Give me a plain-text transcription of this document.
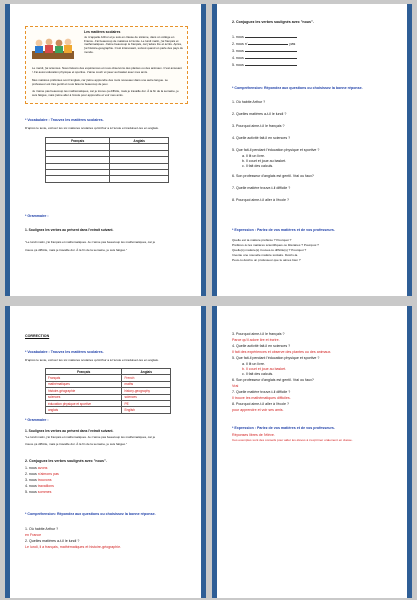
Les matières scolaires
Je m'appelle Arthur et je suis en classe de sixième, dans un collège en France. J'ai beaucoup de matières à l'école. Le lundi matin, j'ai français et mathématiques. J'aime beaucoup le français, car j'adore lire et écrire. Après, j'ai histoire-géographie. C'est intéressant, surtout quand on parle des pays du monde.
Le mardi, j'ai sciences. Nous faisons des expériences et nous observons des plantes ou des animaux. C'est amusant ! J'ai aussi éducation physique et sportive. J'aime courir et jouer au basket avec mes amis.
Mes matières préférées sont l'anglais, car j'aime apprendre des mots nouveaux dans une autre langue. Le professeur est très gentil et nous faisons beaucoup de jeux.
Je n'aime pas beaucoup les mathématiques, car je trouve ça difficile, mais je travaille dur. À la fin de la semaine, je suis fatigué, mais j'aime aller à l'école pour apprendre et voir mes amis.
* Vocabulaire : Trouvez les matières scolaires.
D'après le texte, écrivez les six matières scolaires qu'Arthur a à l'école et traduisez-les en anglais.
Français	Anglais

* Grammaire :
1. Soulignez les verbes au présent dans l'extrait suivant.
"Le lundi matin, j'ai français et mathématiques. Je n'aime pas beaucoup les mathématiques, car je
trouve ça difficile, mais je travaille dur. À la fin de la semaine, je suis fatigué."
2. Conjuguez les verbes soulignés avec "nous".
1. nous
2. nous n'	pas
3. nous
4. nous
5. nous
* Compréhension: Répondez aux questions ou choisissez la bonne réponse.
1. Où habite Arthur ?
2. Quelles matières a-t-il le lundi ?
3. Pourquoi aime-t-il le français ?
4. Quelle activité fait-il en sciences ?
5. Que fait-il pendant l'éducation physique et sportive ?
a. Il lit un livre.
b. Il court et joue au basket.
c. Il fait des calculs.
6. Son professeur d'anglais est gentil. Vrai ou faux?
7. Quelle matière trouve-t-il difficile ?
8. Pourquoi aime-t-il aller à l'école ?
* Expression : Parlez de vos matières et de vos professeurs.
Quelle est ta matière préférée ? Pourquoi ?
Préfères-tu les matières scientifiques ou littéraires ? Pourquoi ?
Quelle(s) matière(s) trouves-tu difficile(s) ? Pourquoi ?
Invente une nouvelle matière scolaire. Décris-la.
Peux-tu décrire un professeur que tu aimes bien ?
CORRECTION
* Vocabulaire : Trouvez les matières scolaires.
D'après le texte, écrivez les six matières scolaires qu'Arthur a à l'école et traduisez-les en anglais.
Français	Anglais
Français	French
mathématiques	maths
histoire-géographie	history-geography
sciences	sciences
éducation physique et sportive	PE
anglais	English
* Grammaire :
1. Soulignez les verbes au présent dans l'extrait suivant.
"Le lundi matin, j'ai français et mathématiques. Je n'aime pas beaucoup les mathématiques, car je
trouve ça difficile, mais je travaille dur. À la fin de la semaine, je suis fatigué."
2. Conjuguez les verbes soulignés avec "nous".
1. nous avons
2. nous n'aimons pas
3. nous trouvons
4. nous travaillons
5. nous sommes
* Compréhension: Répondez aux questions ou choisissez la bonne réponse.
1. Où habite Arthur ?
en France
2. Quelles matières a-t-il le lundi ?
Le lundi, il a français, mathématiques et histoire-géographie.
3. Pourquoi aime-t-il le français ?
Parce qu'il adore lire et écrire.
4. Quelle activité fait-il en sciences ?
Il fait des expériences et observe des plantes ou des animaux.
5. Que fait-il pendant l'éducation physique et sportive ?
a. Il lit un livre.
b. Il court et joue au basket.
c. Il fait des calculs.
6. Son professeur d'anglais est gentil. Vrai ou faux?
Vrai
7. Quelle matière trouve-t-il difficile ?
Il trouve les mathématiques difficiles.
8. Pourquoi aime-t-il aller à l'école ?
pour apprendre et voir ses amis.
* Expression : Parlez de vos matières et de vos professeurs.
Réponses libres de l'élève.
Ces exemples sont des conseils pour aider les élèves à s'exprimer oralement en classe.
